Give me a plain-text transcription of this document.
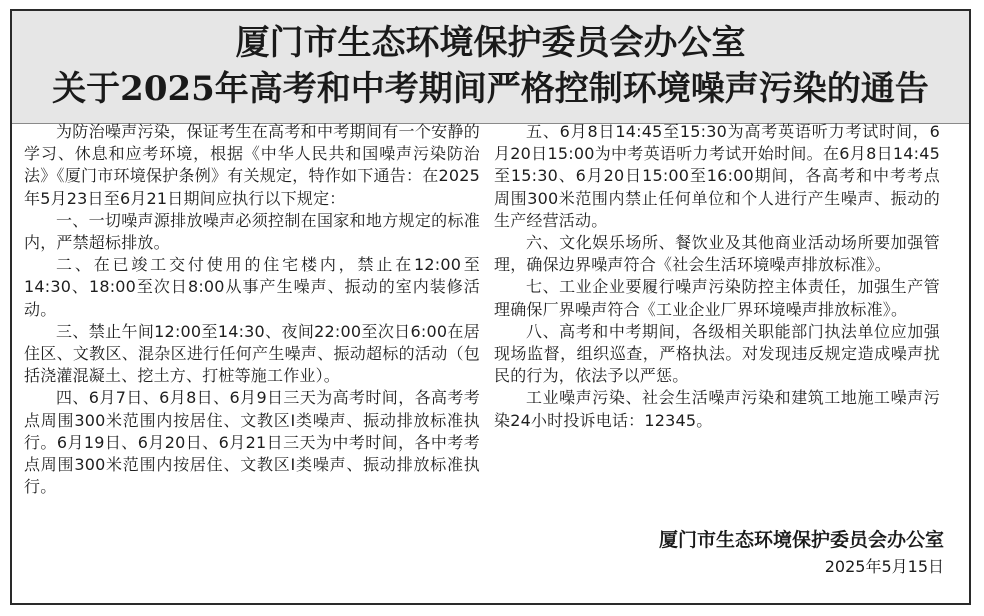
厦门市生态环境保护委员会办公室
关于2025年高考和中考期间严格控制环境噪声污染的通告

为防治噪声污染，保证考生在高考和中考期间有一个安静的学习、休息和应考环境，根据《中华人民共和国噪声污染防治法》《厦门市环境保护条例》有关规定，特作如下通告：在2025年5月23日至6月21日期间应执行以下规定：

一、一切噪声源排放噪声必须控制在国家和地方规定的标准内，严禁超标排放。

二、在已竣工交付使用的住宅楼内，禁止在12:00至14:30、18:00至次日8:00从事产生噪声、振动的室内装修活动。

三、禁止午间12:00至14:30、夜间22:00至次日6:00在居住区、文教区、混杂区进行任何产生噪声、振动超标的活动（包括浇灌混凝土、挖土方、打桩等施工作业）。

四、6月7日、6月8日、6月9日三天为高考时间，各高考考点周围300米范围内按居住、文教区I类噪声、振动排放标准执行。6月19日、6月20日、6月21日三天为中考时间，各中考考点周围300米范围内按居住、文教区I类噪声、振动排放标准执行。

五、6月8日14:45至15:30为高考英语听力考试时间，6月20日15:00为中考英语听力考试开始时间。在6月8日14:45至15:30、6月20日15:00至16:00期间，各高考和中考考点周围300米范围内禁止任何单位和个人进行产生噪声、振动的生产经营活动。

六、文化娱乐场所、餐饮业及其他商业活动场所要加强管理，确保边界噪声符合《社会生活环境噪声排放标准》。

七、工业企业要履行噪声污染防控主体责任，加强生产管理确保厂界噪声符合《工业企业厂界环境噪声排放标准》。

八、高考和中考期间，各级相关职能部门执法单位应加强现场监督，组织巡查，严格执法。对发现违反规定造成噪声扰民的行为，依法予以严惩。

工业噪声污染、社会生活噪声污染和建筑工地施工噪声污染24小时投诉电话：12345。

厦门市生态环境保护委员会办公室
2025年5月15日
